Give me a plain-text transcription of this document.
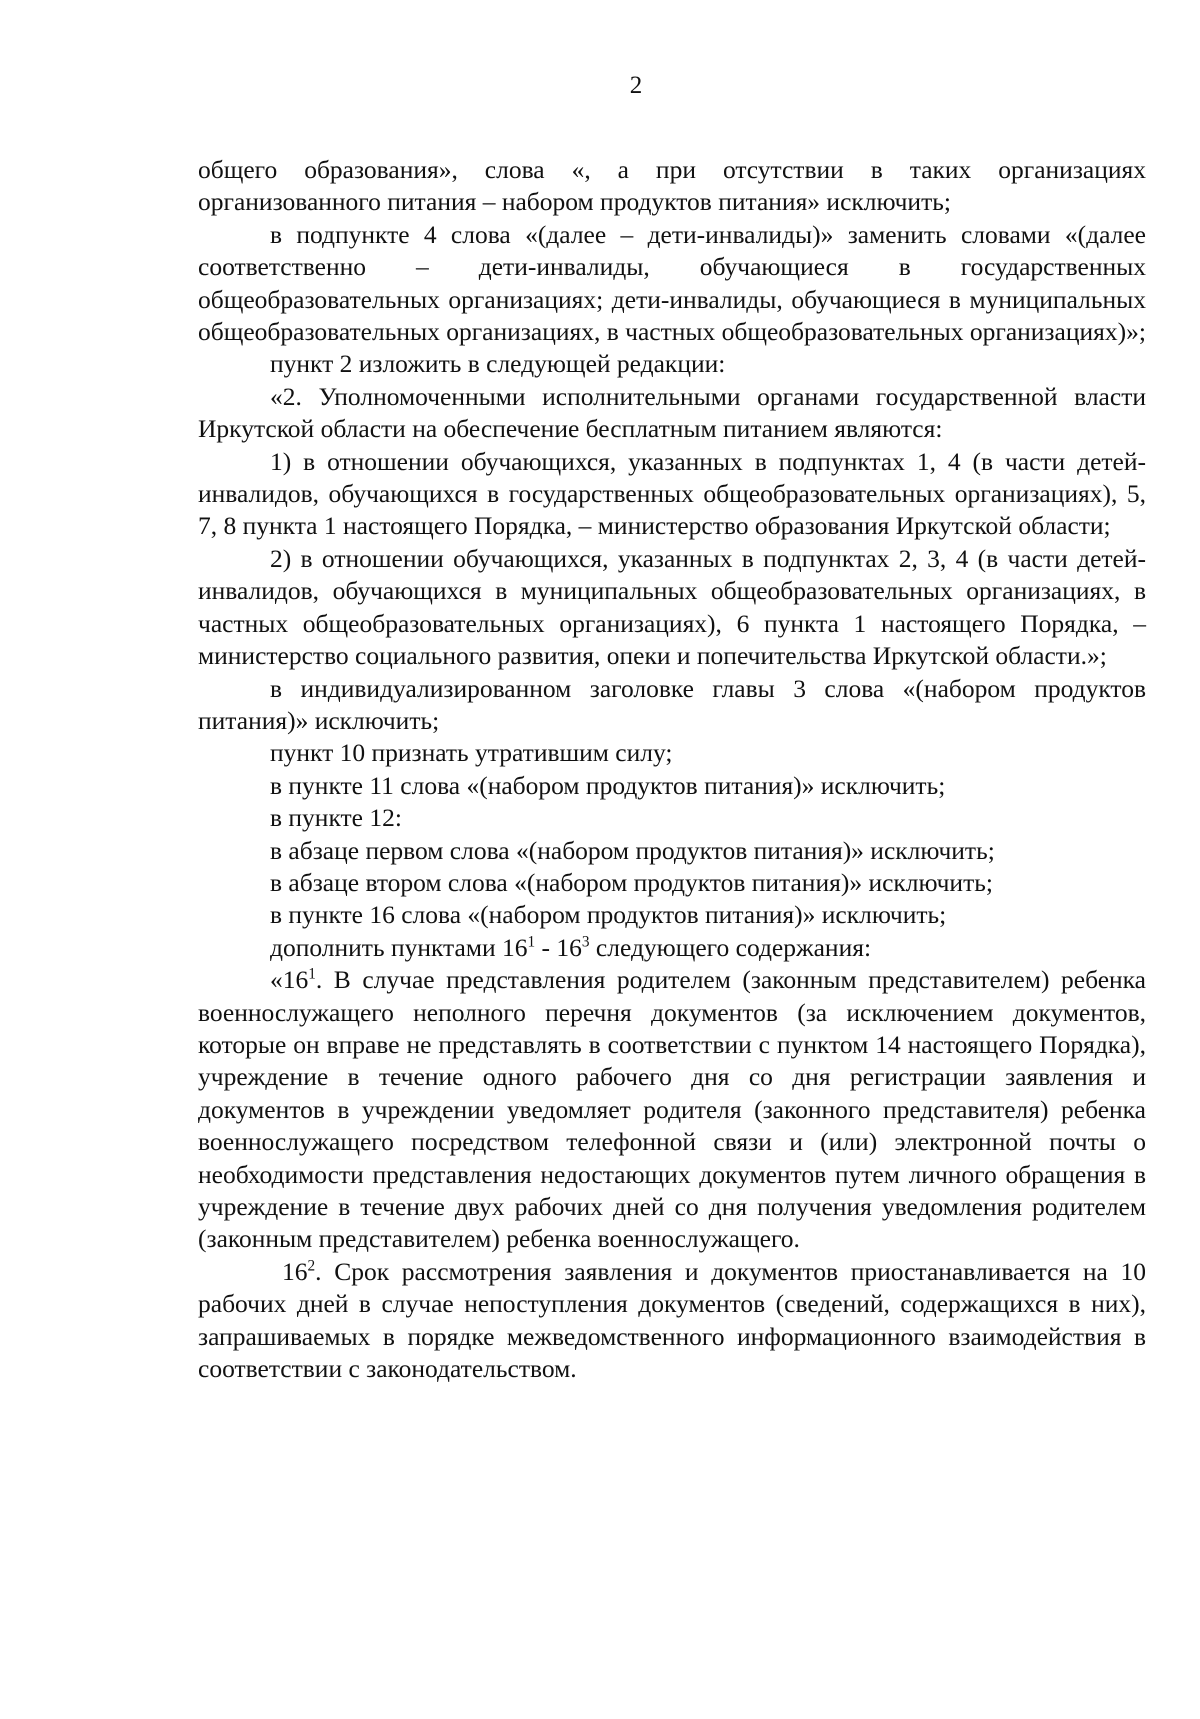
2

общего образования», слова «, а при отсутствии в таких организациях организованного питания – набором продуктов питания» исключить;

в подпункте 4 слова «(далее – дети-инвалиды)» заменить словами «(далее соответственно – дети-инвалиды, обучающиеся в государственных общеобразовательных организациях; дети-инвалиды, обучающиеся в муниципальных общеобразовательных организациях, в частных общеобразовательных организациях)»;

пункт 2 изложить в следующей редакции:

«2. Уполномоченными исполнительными органами государственной власти Иркутской области на обеспечение бесплатным питанием являются:

1) в отношении обучающихся, указанных в подпунктах 1, 4 (в части детей-инвалидов, обучающихся в государственных общеобразовательных организациях), 5, 7, 8 пункта 1 настоящего Порядка, – министерство образования Иркутской области;

2) в отношении обучающихся, указанных в подпунктах 2, 3, 4 (в части детей-инвалидов, обучающихся в муниципальных общеобразовательных организациях, в частных общеобразовательных организациях), 6 пункта 1 настоящего Порядка, – министерство социального развития, опеки и попечительства Иркутской области.»;

в индивидуализированном заголовке главы 3 слова «(набором продуктов питания)» исключить;

пункт 10 признать утратившим силу;

в пункте 11 слова «(набором продуктов питания)» исключить;

в пункте 12:

в абзаце первом слова «(набором продуктов питания)» исключить;

в абзаце втором слова «(набором продуктов питания)» исключить;

в пункте 16 слова «(набором продуктов питания)» исключить;

дополнить пунктами $16^1 - 16^3$ следующего содержания:

«$16^1$. В случае представления родителем (законным представителем) ребенка военнослужащего неполного перечня документов (за исключением документов, которые он вправе не представлять в соответствии с пунктом 14 настоящего Порядка), учреждение в течение одного рабочего дня со дня регистрации заявления и документов в учреждении уведомляет родителя (законного представителя) ребенка военнослужащего посредством телефонной связи и (или) электронной почты о необходимости представления недостающих документов путем личного обращения в учреждение в течение двух рабочих дней со дня получения уведомления родителем (законным представителем) ребенка военнослужащего.

$16^2$. Срок рассмотрения заявления и документов приостанавливается на 10 рабочих дней в случае непоступления документов (сведений, содержащихся в них), запрашиваемых в порядке межведомственного информационного взаимодействия в соответствии с законодательством.
